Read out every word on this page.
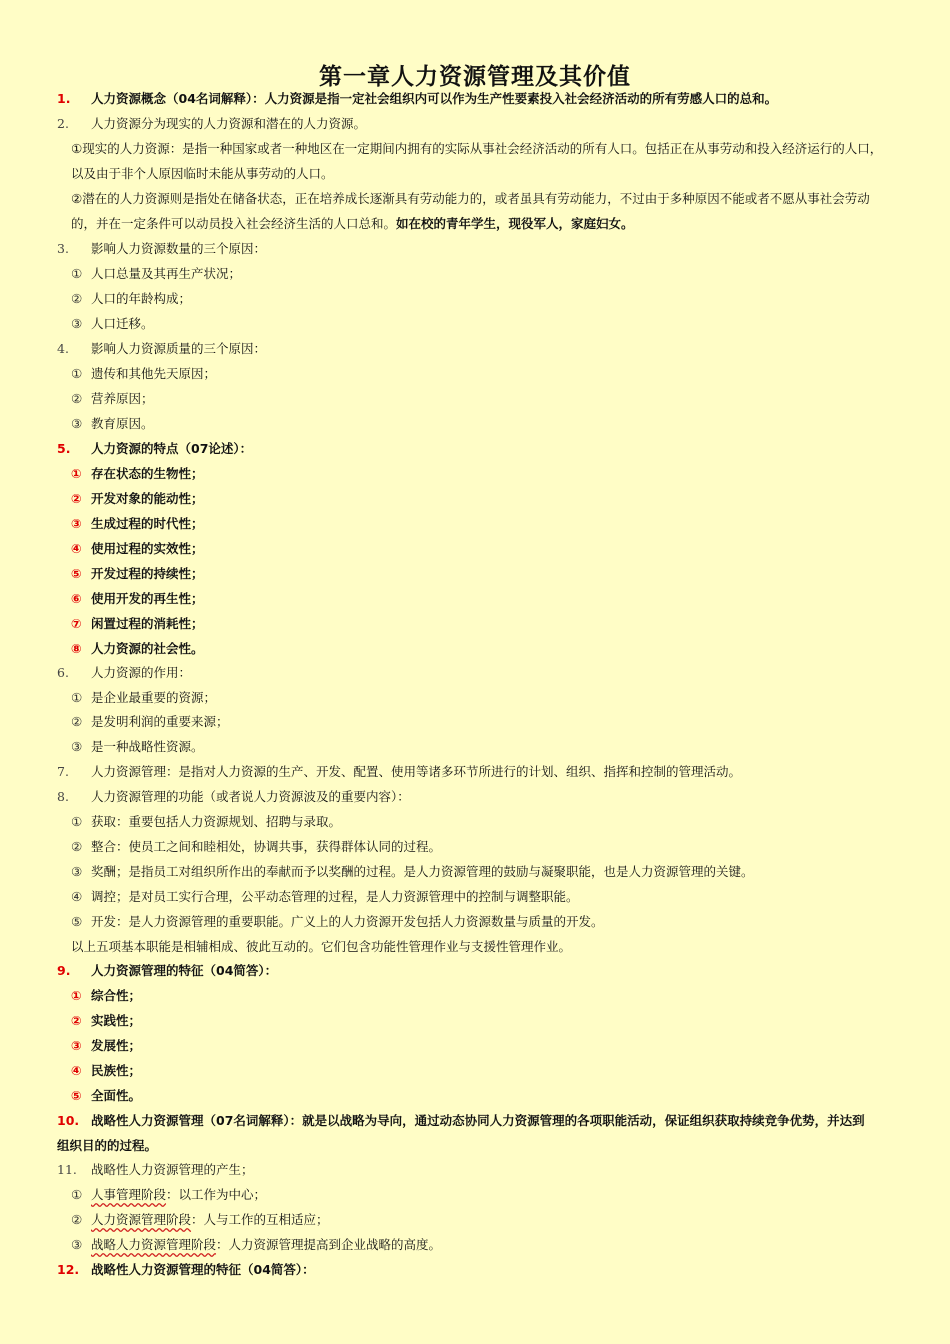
第一章人力资源管理及其价值
1. 人力资源概念（04名词解释）：人力资源是指一定社会组织内可以作为生产性要素投入社会经济活动的所有劳感人口的总和。
2. 人力资源分为现实的人力资源和潜在的人力资源。
①现实的人力资源：是指一种国家或者一种地区在一定期间内拥有的实际从事社会经济活动的所有人口。包括正在从事劳动和投入经济运行的人口，
以及由于非个人原因临时未能从事劳动的人口。
②潜在的人力资源则是指处在储备状态，正在培养成长逐渐具有劳动能力的，或者虽具有劳动能力，不过由于多种原因不能或者不愿从事社会劳动
的，并在一定条件可以动员投入社会经济生活的人口总和。如在校的青年学生，现役军人，家庭妇女。
3. 影响人力资源数量的三个原因：
① 人口总量及其再生产状况；
② 人口的年龄构成；
③ 人口迁移。
4. 影响人力资源质量的三个原因：
① 遗传和其他先天原因；
② 营养原因；
③ 教育原因。
5. 人力资源的特点（07论述）：
① 存在状态的生物性；
② 开发对象的能动性；
③ 生成过程的时代性；
④ 使用过程的实效性；
⑤ 开发过程的持续性；
⑥ 使用开发的再生性；
⑦ 闲置过程的消耗性；
⑧ 人力资源的社会性。
6. 人力资源的作用：
① 是企业最重要的资源；
② 是发明利润的重要来源；
③ 是一种战略性资源。
7. 人力资源管理：是指对人力资源的生产、开发、配置、使用等诸多环节所进行的计划、组织、指挥和控制的管理活动。
8. 人力资源管理的功能（或者说人力资源波及的重要内容）：
① 获取：重要包括人力资源规划、招聘与录取。
② 整合：使员工之间和睦相处，协调共事，获得群体认同的过程。
③ 奖酬；是指员工对组织所作出的奉献而予以奖酬的过程。是人力资源管理的鼓励与凝聚职能，也是人力资源管理的关键。
④ 调控；是对员工实行合理，公平动态管理的过程，是人力资源管理中的控制与调整职能。
⑤ 开发：是人力资源管理的重要职能。广义上的人力资源开发包括人力资源数量与质量的开发。
以上五项基本职能是相辅相成、彼此互动的。它们包含功能性管理作业与支援性管理作业。
9. 人力资源管理的特征（04简答）：
① 综合性；
② 实践性；
③ 发展性；
④ 民族性；
⑤ 全面性。
10. 战略性人力资源管理（07名词解释）：就是以战略为导向，通过动态协同人力资源管理的各项职能活动，保证组织获取持续竞争优势，并达到
组织目的的过程。
11. 战略性人力资源管理的产生；
① 人事管理阶段：以工作为中心；
② 人力资源管理阶段：人与工作的互相适应；
③ 战略人力资源管理阶段：人力资源管理提高到企业战略的高度。
12. 战略性人力资源管理的特征（04简答）：
